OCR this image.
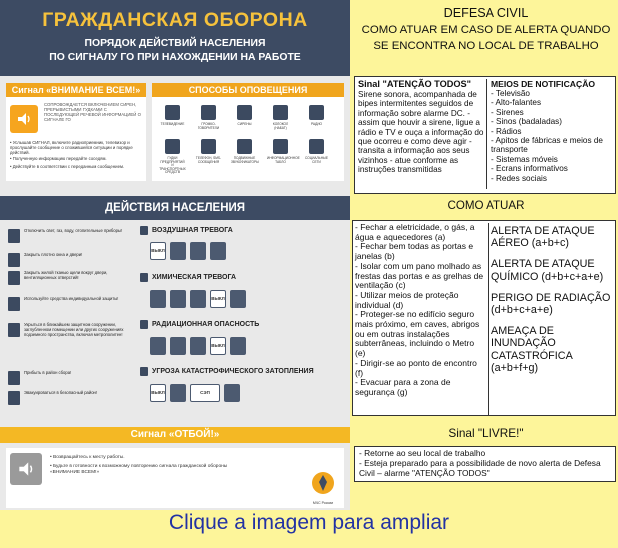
ГРАЖДАНСКАЯ ОБОРОНА
ПОРЯДОК ДЕЙСТВИЙ НАСЕЛЕНИЯ
ПО СИГНАЛУ ГО ПРИ НАХОЖДЕНИИ НА РАБОТЕ
Сигнал «ВНИМАНИЕ ВСЕМ!»
СОПРОВОЖДАЕТСЯ ВКЛЮЧЕНИЕМ СИРЕН, ПРЕРЫВИСТЫМИ ГУДКАМИ С ПОСЛЕДУЮЩЕЙ РЕЧЕВОЙ ИНФОРМАЦИЕЙ О СИГНАЛЕ ГО
• Услышав СИГНАЛ, включите радиоприемник, телевизор и прослушайте сообщение о сложившейся ситуации и порядке действий.
• Полученную информацию передайте соседям.
• Действуйте в соответствии с переданным сообщением.
СПОСОБЫ ОПОВЕЩЕНИЯ
ТЕЛЕВИДЕНИЕ	ГРОМКО-ГОВОРИТЕЛИ
СИРЕНЫ	КОЛОКОЛ (НАБАТ)
РАДИО
ГУДКИ ПРЕДПРИЯТИЙ И ТРАНСПОРТНЫХ СРЕДСТВ
ТЕЛЕФОН, SMS-СООБЩЕНИЯ
ПОДВИЖНЫЕ ЗВУКОФИКАТОРЫ
ИНФОРМАЦИОННОЕ ТАБЛО
СОЦИАЛЬНЫЕ СЕТИ
ДЕЙСТВИЯ НАСЕЛЕНИЯ
Отключить свет, газ, воду, отопительные приборы!
Закрыть плотно окна и двери!
Закрыть жилой тканью щели вокруг двери, вентиляционных отверстий!
Используйте средства индивидуальной защиты!
Укрыться в ближайшем защитном сооружении, заглубленном помещении или других сооружениях подземного пространства, включая метрополитен!
Прибыть в район сбора!
Эвакуироваться в безопасный район!
ВОЗДУШНАЯ ТРЕВОГА
ВЫКЛ
ХИМИЧЕСКАЯ ТРЕВОГА
ВЫКЛ
РАДИАЦИОННАЯ ОПАСНОСТЬ
ВЫКЛ
УГРОЗА КАТАСТРОФИЧЕСКОГО ЗАТОПЛЕНИЯ
ВЫКЛ	СЭП
Сигнал «ОТБОЙ!»
• Возвращайтесь к месту работы.
• Будьте в готовности к возможному повторению сигнала гражданской обороны «ВНИМАНИЕ ВСЕМ!»
МЧС России
DEFESA CIVIL
COMO ATUAR EM CASO DE ALERTA QUANDO
SE ENCONTRA NO LOCAL DE TRABALHO
Sinal "ATENÇÃO TODOS"
Sirene sonora, acompanhada de bipes intermitentes seguidos de informação sobre alarme DC. - assim que houvir a sirene, ligue a rádio e TV e ouça a informação do que ocorreu e como deve agir - transita a informação aos seus vizinhos - atue conforme as instruções transmitidas
MEIOS DE NOTIFICAÇÃO
- Televisão
- Alto-falantes
- Sirenes
- Sinos (badaladas)
- Rádios
- Apitos de fábricas e meios de transporte
- Sistemas móveis
- Ecrans informativos
- Redes sociais
COMO ATUAR
- Fechar a eletricidade, o gás, a água e aquecedores (a)
- Fechar bem todas as portas e janelas (b)
- Isolar com um pano molhado as frestas das portas e as grelhas de ventilação (c)
- Utilizar meios de proteção individual (d)
- Proteger-se no edifício seguro mais próximo, em caves, abrigos ou em outras instalações subterrâneas, incluindo o Metro (e)
- Dirigir-se ao ponto de encontro (f)
- Evacuar para a zona de segurança (g)
ALERTA DE ATAQUE AÉREO (a+b+c)
ALERTA DE ATAQUE QUÍMICO (d+b+c+a+e)
PERIGO DE RADIAÇÃO (d+b+c+a+e)
AMEAÇA DE INUNDAÇÃO CATASTRÓFICA (a+b+f+g)
Sinal "LIVRE!"
- Retorne ao seu local de trabalho
- Esteja preparado para a possibilidade de novo alerta de Defesa Civil – alarme "ATENÇÃO TODOS"
Clique a imagem para ampliar
